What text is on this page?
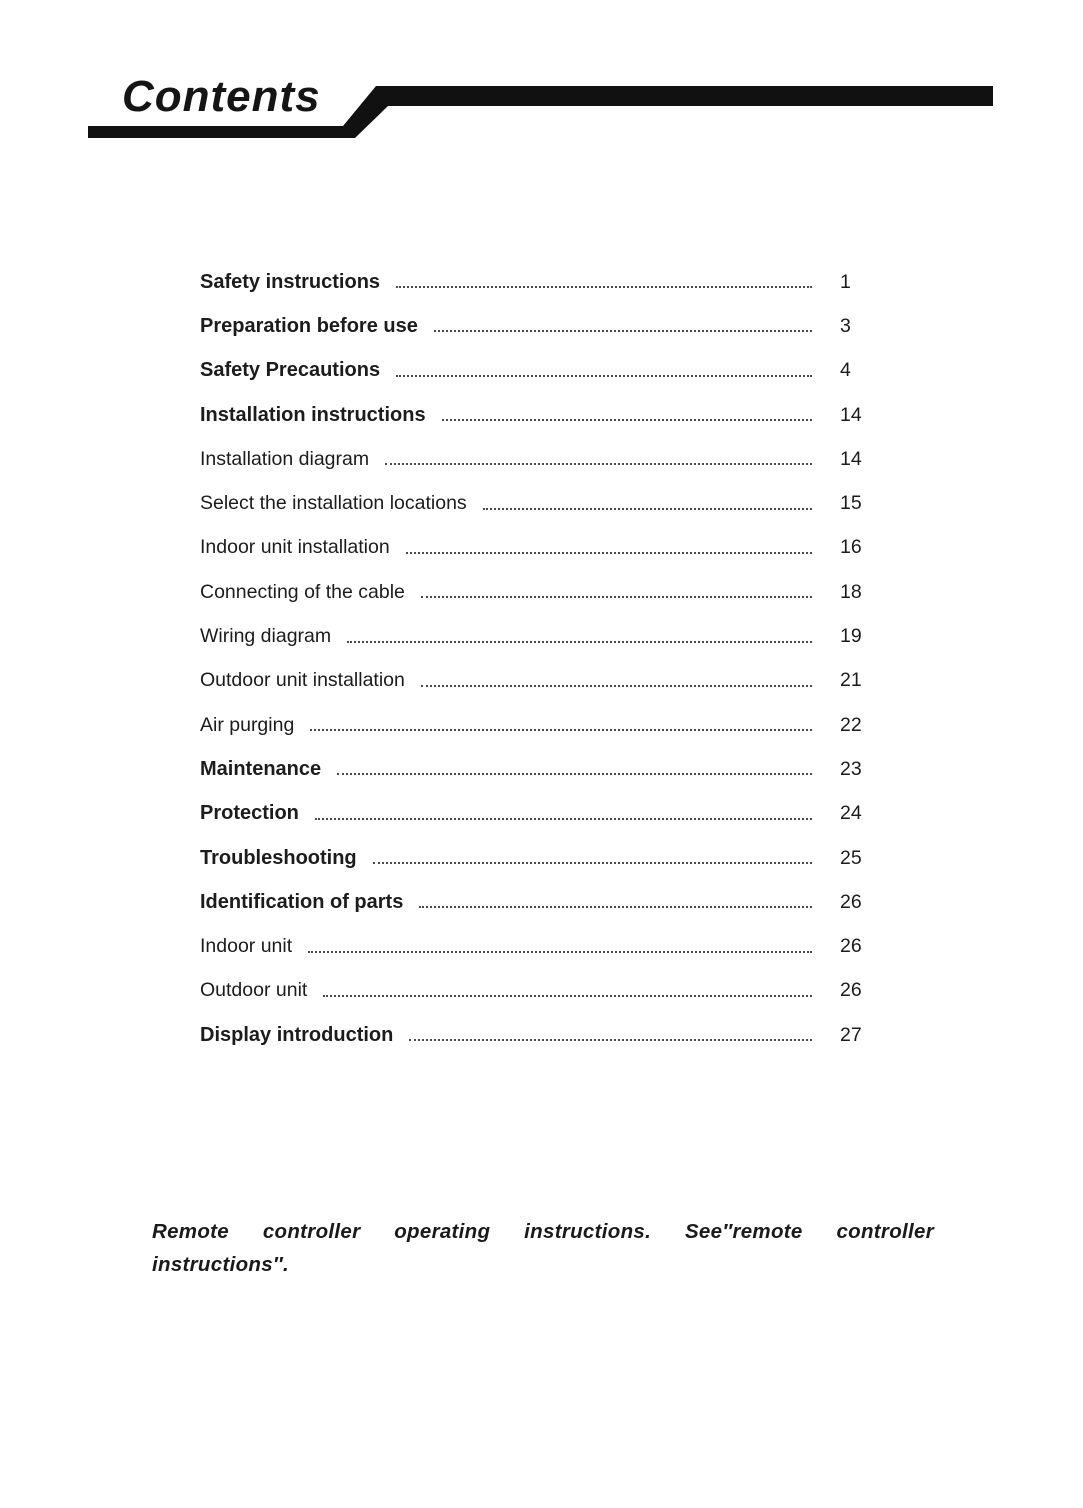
Contents
Safety instructions	1
Preparation before use	3
Safety Precautions	4
Installation instructions	14
Installation diagram	14
Select the installation locations	15
Indoor unit installation	16
Connecting of the cable	18
Wiring diagram	19
Outdoor unit installation	21
Air purging	22
Maintenance	23
Protection	24
Troubleshooting	25
Identification of parts	26
Indoor unit	26
Outdoor unit	26
Display introduction	27

Remote controller operating instructions. See″remote controller instructions″.
